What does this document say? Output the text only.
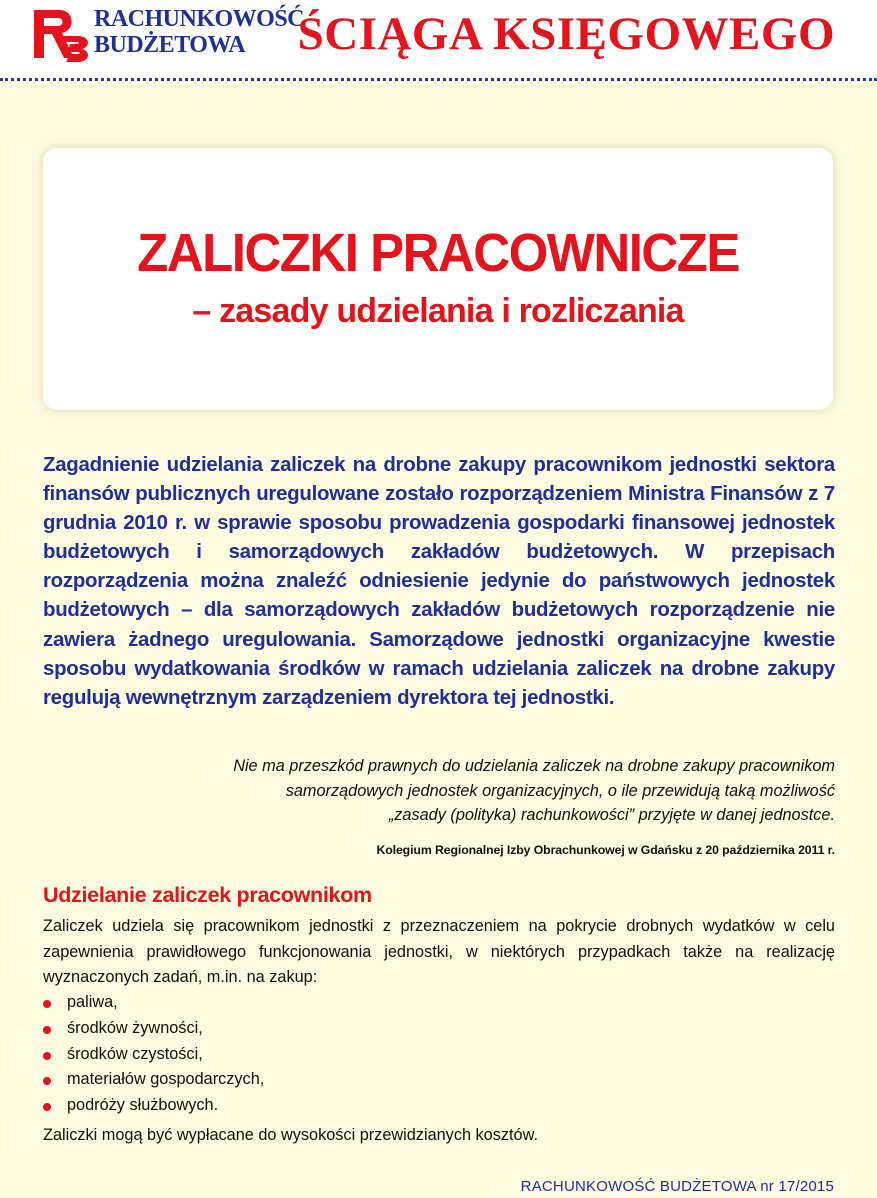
RACHUNKOWOŚĆ
BUDŻETOWA	ŚCIĄGA KSIĘGOWEGO
ZALICZKI PRACOWNICZE
– zasady udzielania i rozliczania
Zagadnienie udzielania zaliczek na drobne zakupy pracownikom jednostki sektora finansów publicznych uregulowane zostało rozporządzeniem Ministra Finansów z 7 grudnia 2010 r. w sprawie sposobu prowadzenia gospodarki finansowej jednostek budżetowych i samorządowych zakładów budżetowych. W przepisach rozporządzenia można znaleźć odniesienie jedynie do państwowych jednostek budżetowych – dla samorządowych zakładów budżetowych rozporządzenie nie zawiera żadnego uregulowania. Samorządowe jednostki organizacyjne kwestie sposobu wydatkowania środków w ramach udzielania zaliczek na drobne zakupy regulują wewnętrznym zarządzeniem dyrektora tej jednostki.
Nie ma przeszkód prawnych do udzielania zaliczek na drobne zakupy pracownikom
samorządowych jednostek organizacyjnych, o ile przewidują taką możliwość
„zasady (polityka) rachunkowości” przyjęte w danej jednostce.
Kolegium Regionalnej Izby Obrachunkowej w Gdańsku z 20 października 2011 r.
Udzielanie zaliczek pracownikom
Zaliczek udziela się pracownikom jednostki z przeznaczeniem na pokrycie drobnych wydatków w celu zapewnienia prawidłowego funkcjonowania jednostki, w niektórych przypadkach także na realizację wyznaczonych zadań, m.in. na zakup:
paliwa,
środków żywności,
środków czystości,
materiałów gospodarczych,
podróży służbowych.
Zaliczki mogą być wypłacane do wysokości przewidzianych kosztów.
RACHUNKOWOŚĆ BUDŻETOWA nr 17/2015
